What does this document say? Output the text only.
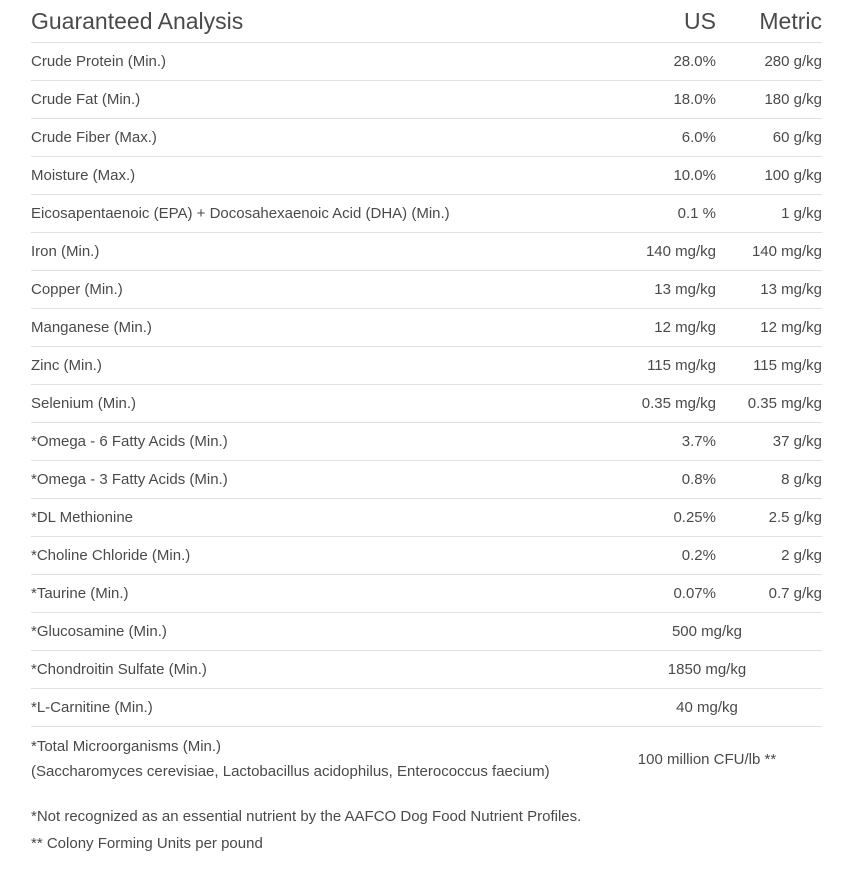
Guaranteed Analysis	US	Metric
Crude Protein (Min.)	28.0%	280 g/kg
Crude Fat (Min.)	18.0%	180 g/kg
Crude Fiber (Max.)	6.0%	60 g/kg
Moisture (Max.)	10.0%	100 g/kg
Eicosapentaenoic (EPA) + Docosahexaenoic Acid (DHA) (Min.)	0.1 %	1 g/kg
Iron (Min.)	140 mg/kg	140 mg/kg
Copper (Min.)	13 mg/kg	13 mg/kg
Manganese (Min.)	12 mg/kg	12 mg/kg
Zinc (Min.)	115 mg/kg	115 mg/kg
Selenium (Min.)	0.35 mg/kg	0.35 mg/kg
*Omega - 6 Fatty Acids (Min.)	3.7%	37 g/kg
*Omega - 3 Fatty Acids (Min.)	0.8%	8 g/kg
*DL Methionine	0.25%	2.5 g/kg
*Choline Chloride (Min.)	0.2%	2 g/kg
*Taurine (Min.)	0.07%	0.7 g/kg
*Glucosamine (Min.)	500 mg/kg	
*Chondroitin Sulfate (Min.)	1850 mg/kg	
*L-Carnitine (Min.)	40 mg/kg	
*Total Microorganisms (Min.)
(Saccharomyces cerevisiae, Lactobacillus acidophilus, Enterococcus faecium)	100 million CFU/lb **	

*Not recognized as an essential nutrient by the AAFCO Dog Food Nutrient Profiles.

** Colony Forming Units per pound
